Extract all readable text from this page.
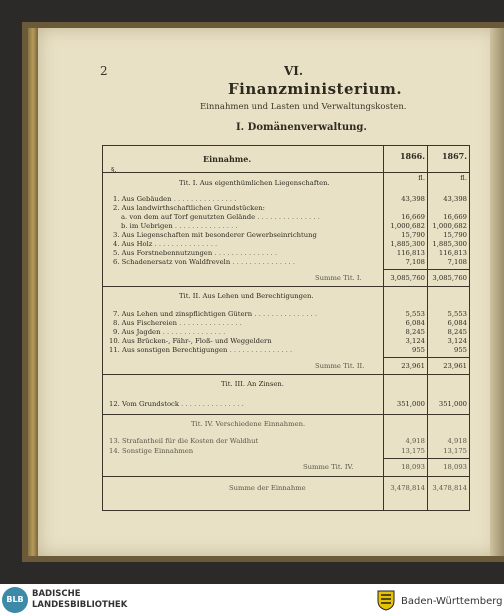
2	VI.
Finanzministerium.
Einnahmen und Lasten und Verwaltungskosten.
I. Domänenverwaltung.
Einnahme.
§.
1866.	1867.
fl.	fl.
Tit. I. Aus eigenthümlichen Liegenschaften.
1. Aus Gebäuden . . .	43,398	43,398
2. Aus landwirthschaftlichen Grundstücken:
a. von dem auf Torf genutzten Gelände . . .	16,669	16,669
b. im Uebrigen . . .	1,000,682	1,000,682
3. Aus Liegenschaften mit besonderer Gewerbseinrichtung	15,790	15,790
4. Aus Holz . . .	1,885,300	1,885,300
5. Aus Forstnebennutzungen . . .	116,813	116,813
6. Schadenersatz von Waldfreveln . . .	7,108	7,108
Summe Tit. I.	3,085,760	3,085,760
Tit. II. Aus Lehen und Berechtigungen.
7. Aus Lehen und zinspflichtigen Gütern . . .	5,553	5,553
8. Aus Fischereien . . .	6,084	6,084
9. Aus Jagden . . .	8,245	8,245
10. Aus Brücken-, Fähr-, Floß- und Weggeldern	3,124	3,124
11. Aus sonstigen Berechtigungen . . .	955	955
Summe Tit. II.	23,961	23,961
Tit. III. An Zinsen.
12. Vom Grundstock . . .	351,000	351,000
Tit. IV. Verschiedene Einnahmen.
13. Strafantheil für die Kosten der Waldhut	4,918	4,918
14. Sonstige Einnahmen	13,175	13,175
Summe Tit. IV.	18,093	18,093
Summe der Einnahme	3,478,814	3,478,814
BLB
BADISCHE
LANDESBIBLIOTHEK	Baden-Württemberg
